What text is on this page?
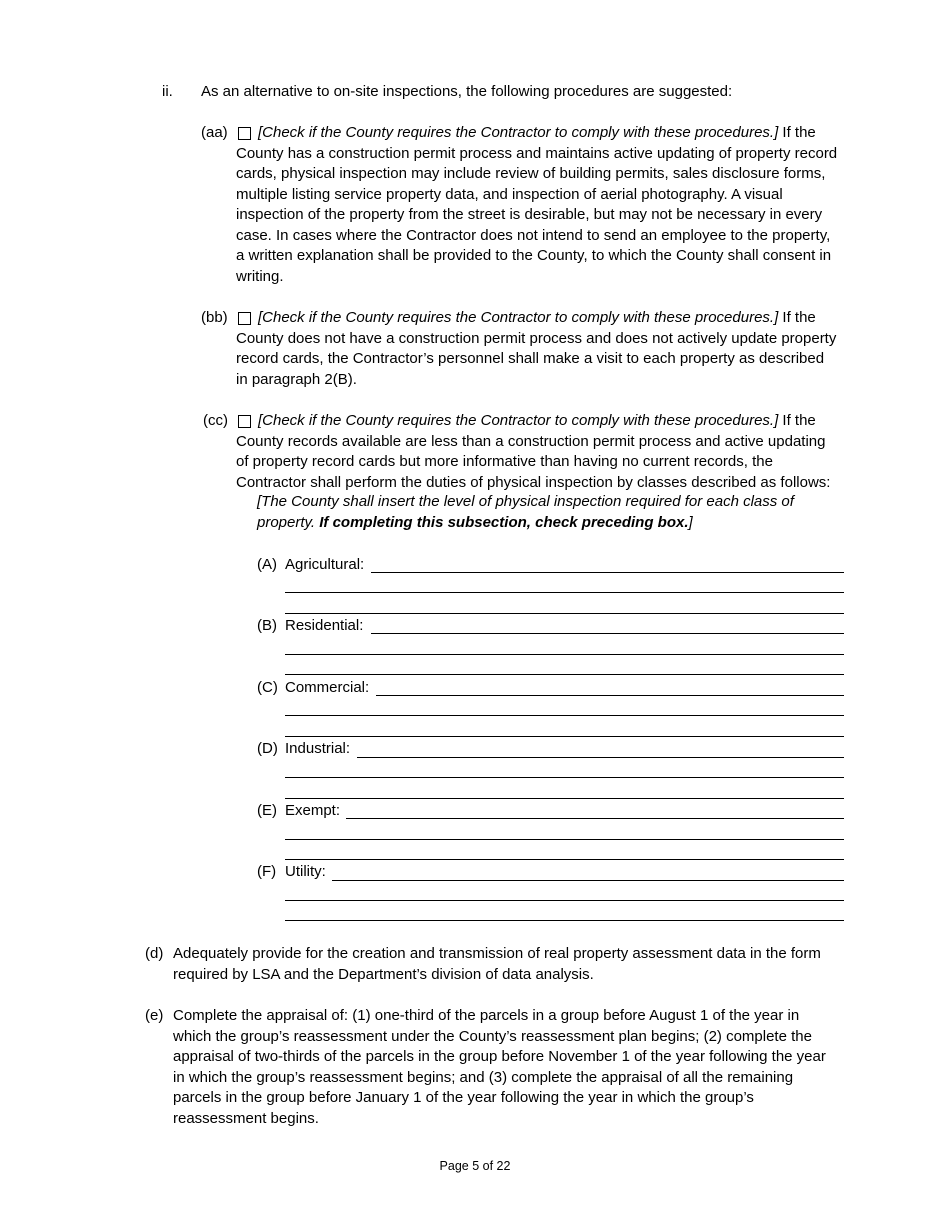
ii. As an alternative to on-site inspections, the following procedures are suggested:
(aa) [Check if the County requires the Contractor to comply with these procedures.] If the
County has a construction permit process and maintains active updating of property record
cards, physical inspection may include review of building permits, sales disclosure forms,
multiple listing service property data, and inspection of aerial photography. A visual
inspection of the property from the street is desirable, but may not be necessary in every
case. In cases where the Contractor does not intend to send an employee to the property,
a written explanation shall be provided to the County, to which the County shall consent in
writing.
(bb) [Check if the County requires the Contractor to comply with these procedures.] If the
County does not have a construction permit process and does not actively update property
record cards, the Contractor’s personnel shall make a visit to each property as described
in paragraph 2(B).
(cc) [Check if the County requires the Contractor to comply with these procedures.] If the
County records available are less than a construction permit process and active updating
of property record cards but more informative than having no current records, the
Contractor shall perform the duties of physical inspection by classes described as follows:
[The County shall insert the level of physical inspection required for each class of
property. If completing this subsection, check preceding box.]
(A) Agricultural:
(B) Residential:
(C) Commercial:
(D) Industrial:
(E) Exempt:
(F) Utility:
(d) Adequately provide for the creation and transmission of real property assessment data in the form
required by LSA and the Department’s division of data analysis.
(e) Complete the appraisal of: (1) one-third of the parcels in a group before August 1 of the year in
which the group’s reassessment under the County’s reassessment plan begins; (2) complete the
appraisal of two-thirds of the parcels in the group before November 1 of the year following the year
in which the group’s reassessment begins; and (3) complete the appraisal of all the remaining
parcels in the group before January 1 of the year following the year in which the group’s
reassessment begins.
Page 5 of 22
